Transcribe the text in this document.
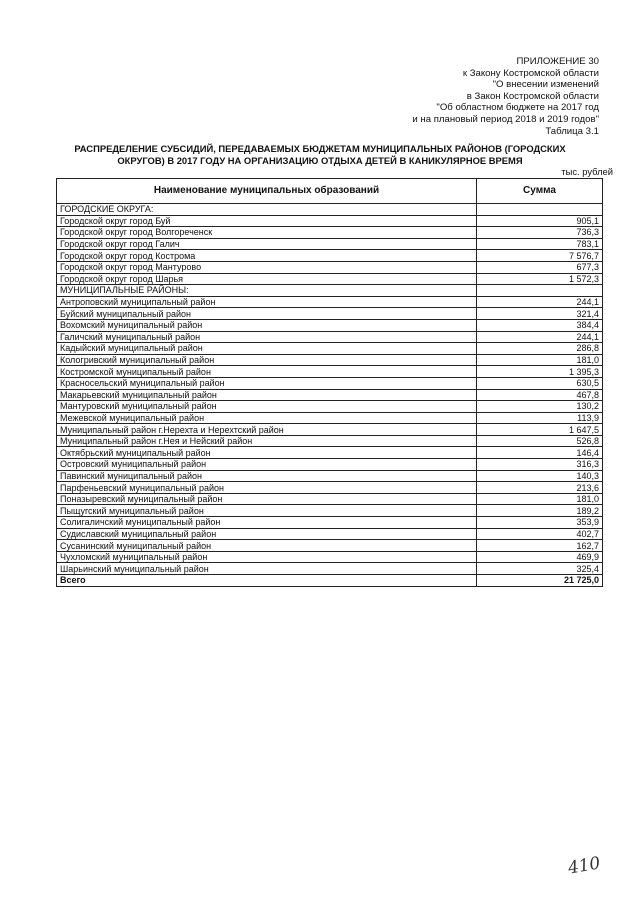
ПРИЛОЖЕНИЕ 30
к Закону Костромской области
"О внесении изменений
в Закон Костромской области
"Об областном бюджете на 2017 год
и на плановый период 2018 и 2019 годов"
Таблица 3.1
РАСПРЕДЕЛЕНИЕ СУБСИДИЙ, ПЕРЕДАВАЕМЫХ БЮДЖЕТАМ МУНИЦИПАЛЬНЫХ РАЙОНОВ (ГОРОДСКИХ
ОКРУГОВ) В 2017 ГОДУ НА ОРГАНИЗАЦИЮ ОТДЫХА ДЕТЕЙ В КАНИКУЛЯРНОЕ ВРЕМЯ
тыс. рублей
Наименование муниципальных образований	Сумма
ГОРОДСКИЕ ОКРУГА:	
Городской округ город Буй	905,1
Городской округ город Волгореченск	736,3
Городской округ город Галич	783,1
Городской округ город Кострома	7 576,7
Городской округ город Мантурово	677,3
Городской округ город Шарья	1 572,3
МУНИЦИПАЛЬНЫЕ РАЙОНЫ:	
Антроповский муниципальный район	244,1
Буйский муниципальный район	321,4
Вохомский муниципальный район	384,4
Галичский муниципальный район	244,1
Кадыйский муниципальный район	286,8
Кологривский муниципальный район	181,0
Костромской муниципальный район	1 395,3
Красносельский муниципальный район	630,5
Макарьевский муниципальный район	467,8
Мантуровский муниципальный район	130,2
Межевской муниципальный район	113,9
Муниципальный район г.Нерехта и Нерехтский район	1 647,5
Муниципальный район г.Нея и Нейский район	526,8
Октябрьский муниципальный район	146,4
Островский муниципальный район	316,3
Павинский муниципальный район	140,3
Парфеньевский муниципальный район	213,6
Поназыревский муниципальный район	181,0
Пыщугский муниципальный район	189,2
Солигаличский муниципальный район	353,9
Судиславский муниципальный район	402,7
Сусанинский муниципальный район	162,7
Чухломский муниципальный район	469,9
Шарьинский муниципальный район	325,4
Всего	21 725,0
410
